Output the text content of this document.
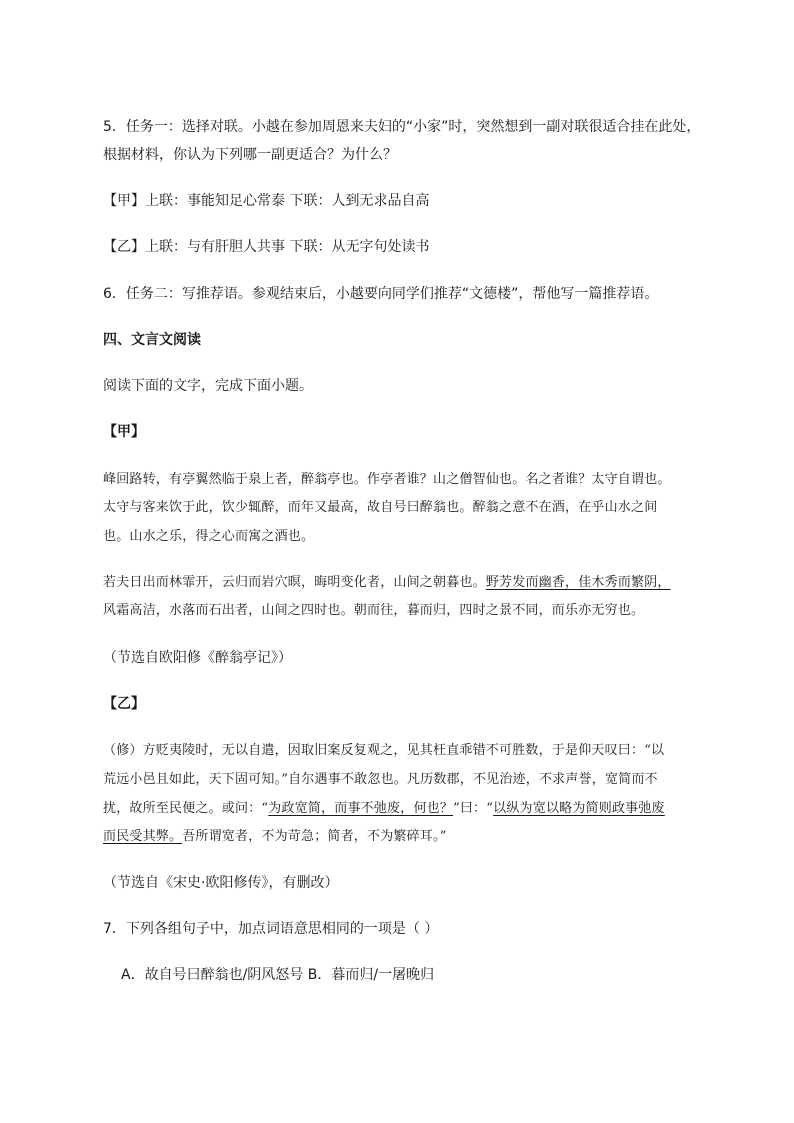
5．任务一：选择对联。小越在参加周恩来夫妇的“小家”时，突然想到一副对联很适合挂在此处，
根据材料，你认为下列哪一副更适合？为什么？
【甲】上联：事能知足心常泰 下联：人到无求品自高
【乙】上联：与有肝胆人共事 下联：从无字句处读书
6．任务二：写推荐语。参观结束后，小越要向同学们推荐“文德楼”，帮他写一篇推荐语。
四、文言文阅读
阅读下面的文字，完成下面小题。
【甲】
峰回路转，有亭翼然临于泉上者，醉翁亭也。作亭者谁？山之僧智仙也。名之者谁？太守自谓也。
太守与客来饮于此，饮少辄醉，而年又最高，故自号曰醉翁也。醉翁之意不在酒，在乎山水之间
也。山水之乐，得之心而寓之酒也。
若夫日出而林霏开，云归而岩穴暝，晦明变化者，山间之朝暮也。野芳发而幽香，佳木秀而繁阴，
风霜高洁，水落而石出者，山间之四时也。朝而往，暮而归，四时之景不同，而乐亦无穷也。
（节选自欧阳修《醉翁亭记》）
【乙】
（修）方贬夷陵时，无以自遣，因取旧案反复观之，见其枉直乖错不可胜数，于是仰天叹曰：“以
荒远小邑且如此，天下固可知。”自尔遇事不敢忽也。凡历数郡，不见治迹，不求声誉，宽简而不
扰，故所至民便之。或问：“为政宽简，而事不弛废，何也？”曰：“以纵为宽以略为简则政事弛废
而民受其弊。吾所谓宽者，不为苛急；简者，不为繁碎耳。”
（节选自《宋史·欧阳修传》，有删改）
7．下列各组句子中，加点词语意思相同的一项是（ ）
A．故自号曰醉翁也/阴风怒号 B．暮而归/一屠晚归
